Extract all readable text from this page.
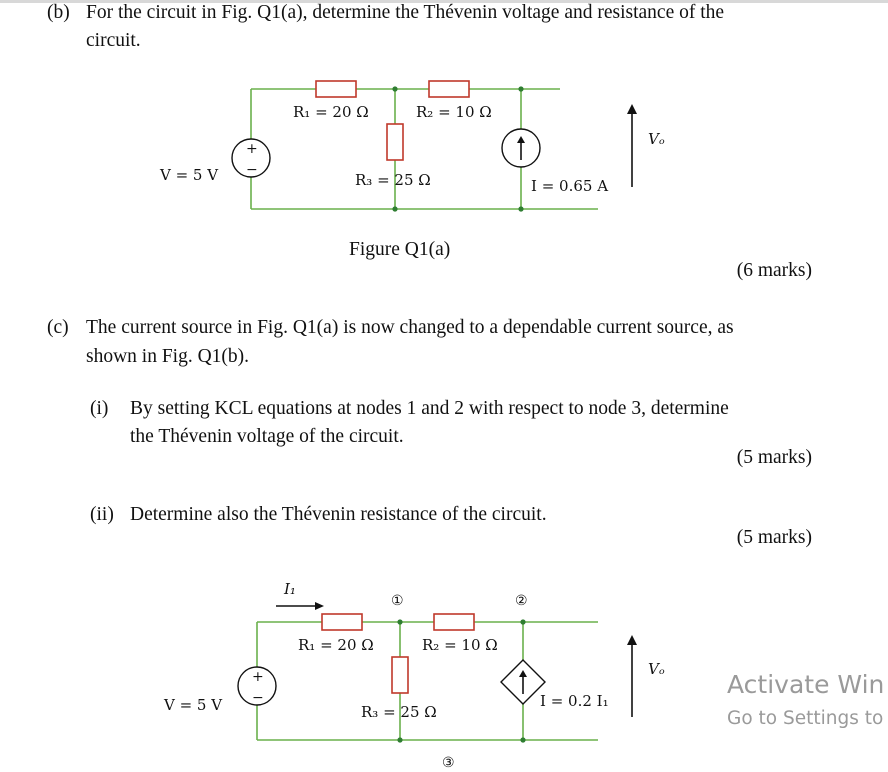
(b) For the circuit in Fig. Q1(a), determine the Thévenin voltage and resistance of the
circuit.
(6 marks)
(c) The current source in Fig. Q1(a) is now changed to a dependable current source, as
shown in Fig. Q1(b).
(i) By setting KCL equations at nodes 1 and 2 with respect to node 3, determine
the Thévenin voltage of the circuit.
(5 marks)
(ii) Determine also the Thévenin resistance of the circuit.
(5 marks)
+
−
V = 5 V
R₁ = 20 Ω	R₂ = 10 Ω
R₃ = 25 Ω	I = 0.65 A
Vₒ
Figure Q1(a)
I₁
①	②
③
+
−
V = 5 V
R₁ = 20 Ω	R₂ = 10 Ω
R₃ = 25 Ω
I = 0.2 I₁
Vₒ
Activate Win
Go to Settings to
